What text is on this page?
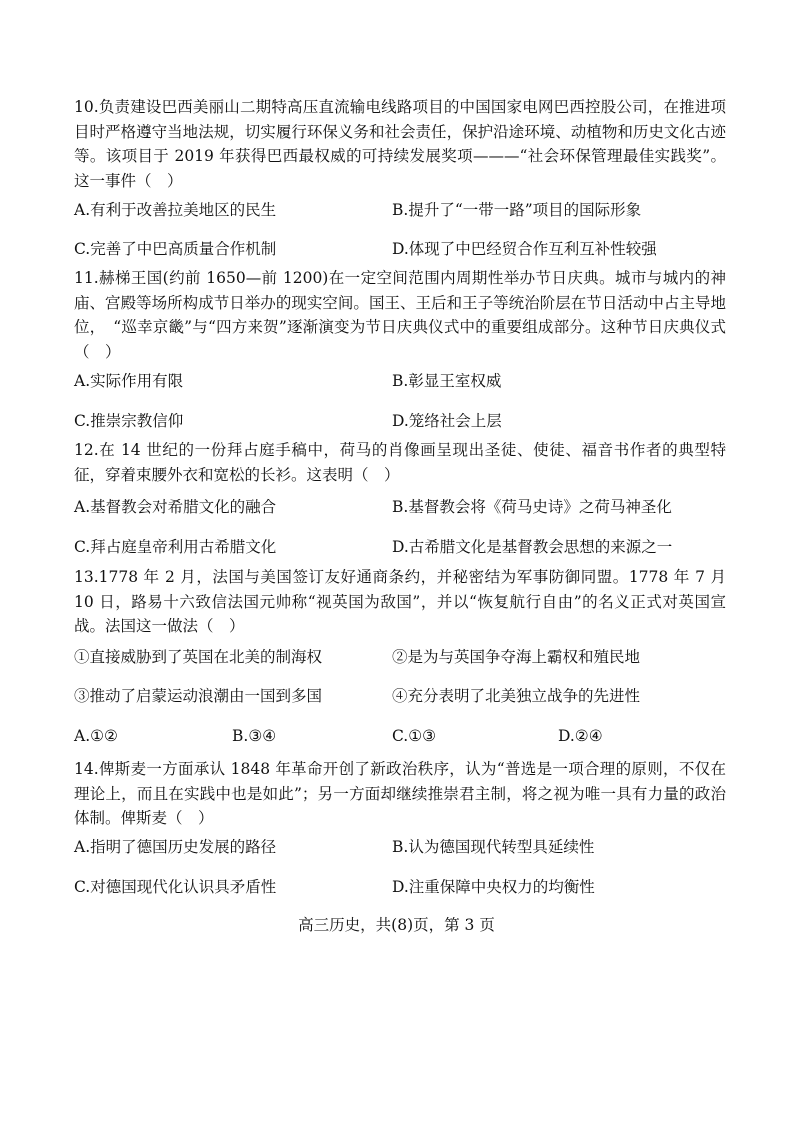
10.负责建设巴西美丽山二期特高压直流输电线路项目的中国国家电网巴西控股公司，在推进项目时严格遵守当地法规，切实履行环保义务和社会责任，保护沿途环境、动植物和历史文化古迹等。该项目于 2019 年获得巴西最权威的可持续发展奖项———“社会环保管理最佳实践奖”。这一事件（　）

A.有利于改善拉美地区的民生	B.提升了“一带一路”项目的国际形象

C.完善了中巴高质量合作机制	D.体现了中巴经贸合作互利互补性较强

11.赫梯王国(约前 1650—前 1200)在一定空间范围内周期性举办节日庆典。城市与城内的神庙、宫殿等场所构成节日举办的现实空间。国王、王后和王子等统治阶层在节日活动中占主导地位，　“巡幸京畿”与“四方来贺”逐渐演变为节日庆典仪式中的重要组成部分。这种节日庆典仪式（　）

A.实际作用有限	B.彰显王室权威

C.推崇宗教信仰	D.笼络社会上层

12.在 14 世纪的一份拜占庭手稿中，荷马的肖像画呈现出圣徒、使徒、福音书作者的典型特征，穿着束腰外衣和宽松的长衫。这表明（　）

A.基督教会对希腊文化的融合	B.基督教会将《荷马史诗》之荷马神圣化

C.拜占庭皇帝利用古希腊文化	D.古希腊文化是基督教会思想的来源之一

13.1778 年 2 月，法国与美国签订友好通商条约，并秘密结为军事防御同盟。1778 年 7 月 10 日，路易十六致信法国元帅称“视英国为敌国”，并以“恢复航行自由”的名义正式对英国宣战。法国这一做法（　）

①直接威胁到了英国在北美的制海权	②是为与英国争夺海上霸权和殖民地

③推动了启蒙运动浪潮由一国到多国	④充分表明了北美独立战争的先进性

A.①②	B.③④	C.①③	D.②④

14.俾斯麦一方面承认 1848 年革命开创了新政治秩序，认为“普选是一项合理的原则，不仅在理论上，而且在实践中也是如此”；另一方面却继续推崇君主制，将之视为唯一具有力量的政治体制。俾斯麦（　）

A.指明了德国历史发展的路径	B.认为德国现代转型具延续性

C.对德国现代化认识具矛盾性	D.注重保障中央权力的均衡性

高三历史，共(8)页，第 3 页
